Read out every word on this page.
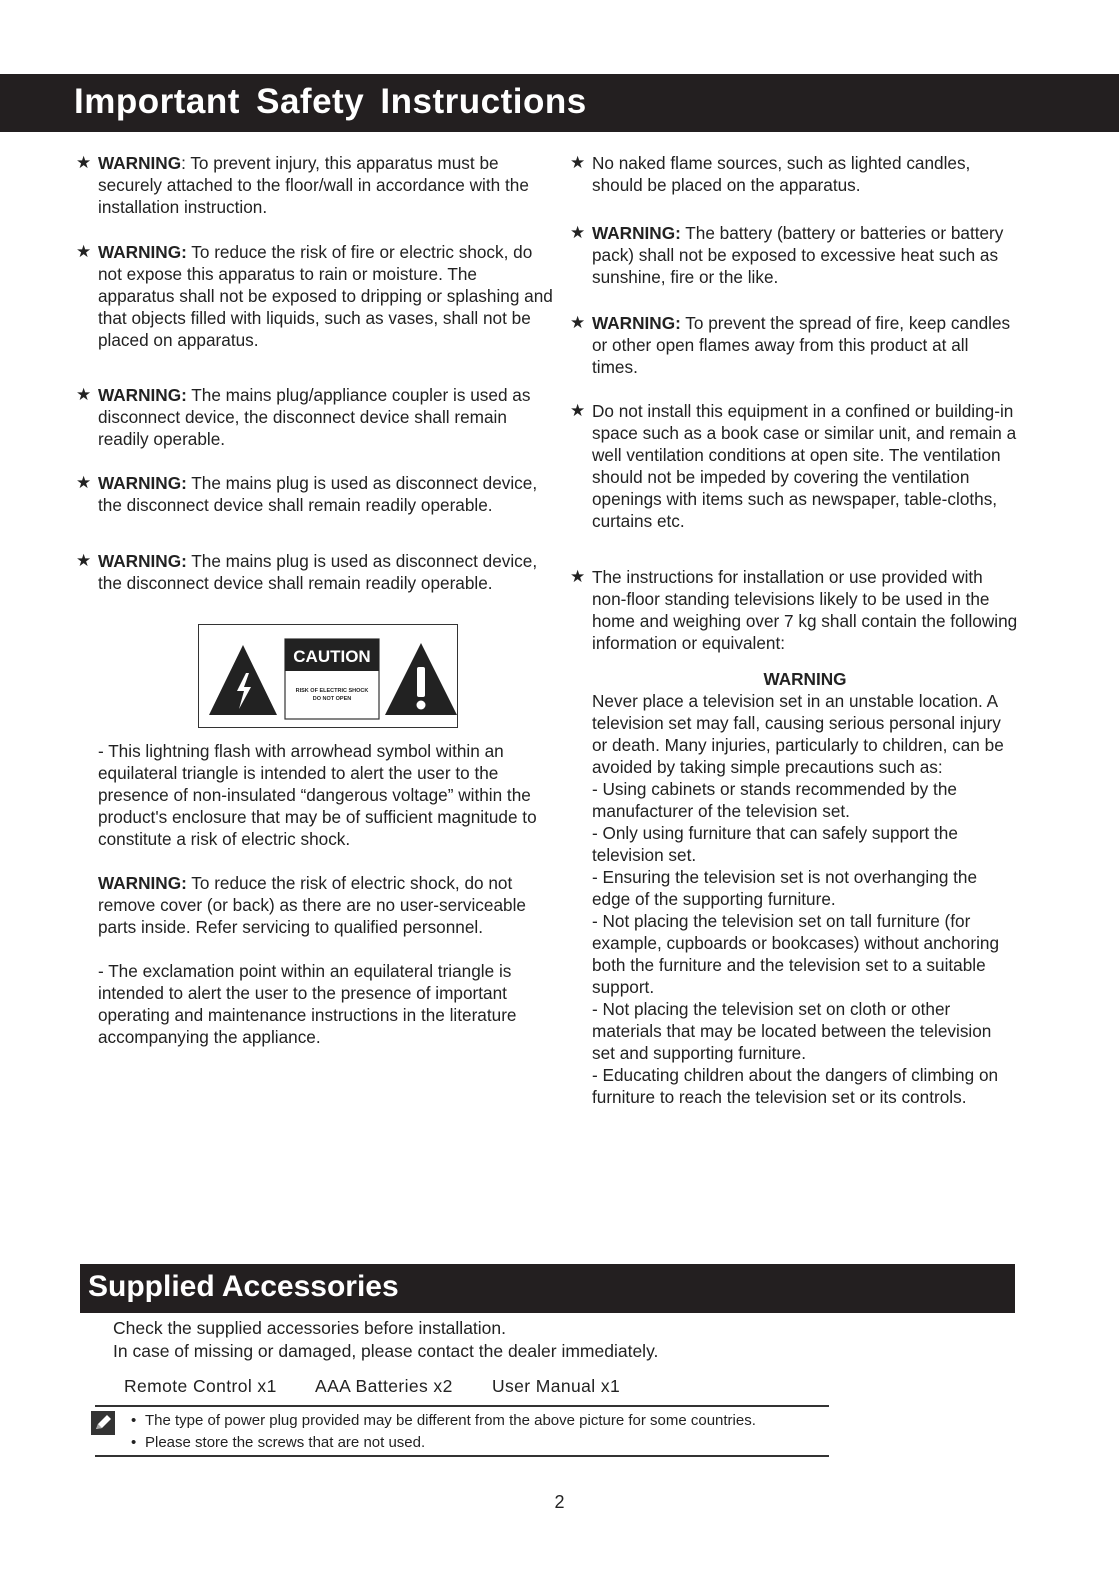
Important Safety Instructions
★ WARNING: To prevent injury, this apparatus must be securely attached to the floor/wall in accordance with the installation instruction.
★ WARNING: To reduce the risk of fire or electric shock, do not expose this apparatus to rain or moisture. The apparatus shall not be exposed to dripping or splashing and that objects filled with liquids, such as vases, shall not be placed on apparatus.
★ WARNING: The mains plug/appliance coupler is used as disconnect device, the disconnect device shall remain readily operable.
★ WARNING: The mains plug is used as disconnect device, the disconnect device shall remain readily operable.
★ WARNING: The mains plug is used as disconnect device, the disconnect device shall remain readily operable.
CAUTION
RISK OF ELECTRIC SHOCK
DO NOT OPEN
- This lightning flash with arrowhead symbol within an equilateral triangle is intended to alert the user to the presence of non-insulated “dangerous voltage” within the product's enclosure that may be of sufficient magnitude to constitute a risk of electric shock.
WARNING: To reduce the risk of electric shock, do not remove cover (or back) as there are no user-serviceable parts inside. Refer servicing to qualified personnel.
- The exclamation point within an equilateral triangle is intended to alert the user to the presence of important operating and maintenance instructions in the literature accompanying the appliance.
★ No naked flame sources, such as lighted candles, should be placed on the apparatus.
★ WARNING: The battery (battery or batteries or battery pack) shall not be exposed to excessive heat such as sunshine, fire or the like.
★ WARNING: To prevent the spread of fire, keep candles or other open flames away from this product at all times.
★ Do not install this equipment in a confined or building-in space such as a book case or similar unit, and remain a well ventilation conditions at open site. The ventilation should not be impeded by covering the ventilation openings with items such as newspaper, table-cloths, curtains etc.
★ The instructions for installation or use provided with non-floor standing televisions likely to be used in the home and weighing over 7 kg shall contain the following information or equivalent:
WARNING
Never place a television set in an unstable location. A television set may fall, causing serious personal injury or death. Many injuries, particularly to children, can be avoided by taking simple precautions such as:
- Using cabinets or stands recommended by the manufacturer of the television set.
- Only using furniture that can safely support the television set.
- Ensuring the television set is not overhanging the edge of the supporting furniture.
- Not placing the television set on tall furniture (for example, cupboards or bookcases) without anchoring both the furniture and the television set to a suitable support.
- Not placing the television set on cloth or other materials that may be located between the television set and supporting furniture.
- Educating children about the dangers of climbing on furniture to reach the television set or its controls.
Supplied Accessories
Check the supplied accessories before installation.
In case of missing or damaged, please contact the dealer immediately.
Remote Control x1 AAA Batteries x2 User Manual x1
• The type of power plug provided may be different from the above picture for some countries.
• Please store the screws that are not used.
2
